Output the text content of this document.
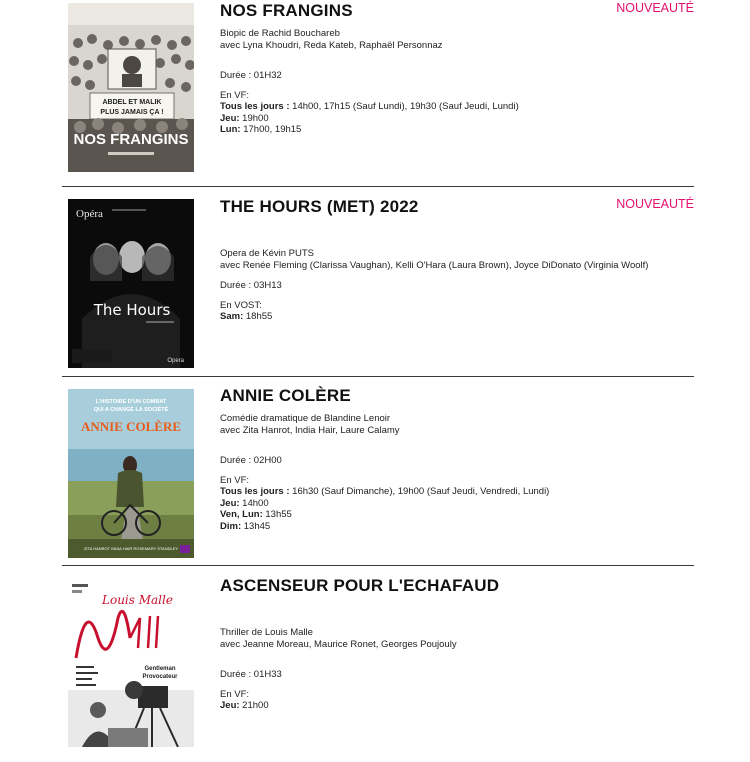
ABDEL ET MALIK
PLUS JAMAIS ÇA !
NOS FRANGINS
NOS FRANGINS	NOUVEAUTÉ

Biopic de Rachid Bouchareb

avec Lyna Khoudri, Reda Kateb, Raphaël Personnaz

Durée : 01H32

En VF:

Tous les jours : 14h00, 17h15 (Sauf Lundi), 19h30 (Sauf Jeudi, Lundi)

Jeu: 19h00

Lun: 17h00, 19h15

Opéra
The Hours
Opera
THE HOURS (MET) 2022	NOUVEAUTÉ

Opera de Kévin PUTS

avec Renée Fleming (Clarissa Vaughan), Kelli O'Hara (Laura Brown), Joyce DiDonato (Virginia Woolf)

Durée : 03H13

En VOST:

Sam: 18h55

L'HISTOIRE D'UN COMBAT
QUI A CHANGÉ LA SOCIÉTÉ
ANNIE COLÈRE
ZITA HANROT INDIA HAIR ROSEMARY STANDLEY
ANNIE COLÈRE

Comédie dramatique de Blandine Lenoir

avec Zita Hanrot, India Hair, Laure Calamy

Durée : 02H00

En VF:

Tous les jours : 16h30 (Sauf Dimanche), 19h00 (Sauf Jeudi, Vendredi, Lundi)

Jeu: 14h00

Ven, Lun: 13h55

Dim: 13h45

Louis Malle
Gentleman
Provocateur
ASCENSEUR POUR L'ECHAFAUD

Thriller de Louis Malle

avec Jeanne Moreau, Maurice Ronet, Georges Poujouly

Durée : 01H33

En VF:

Jeu: 21h00
